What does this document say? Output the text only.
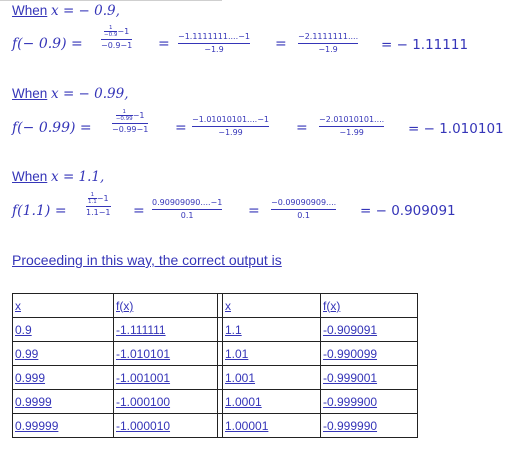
When x = − 0.9,
f(− 0.9) =
$\frac{1}{-0.9} -1$
−0.9−1 = −1.1111111....−1
−1.9	= −2.1111111....
−1.9	= − 1.11111
When x = − 0.99,
f(− 0.99) =
$\frac{1}{-0.99} -1$
−0.99−1 =
−1.01010101....−1
−1.99	=
−2.01010101....
−1.99	= − 1.010101
When x = 1.1,
f(1.1) =
$\frac{1}{1.1} -1$
1.1−1 =
0.90909090....−1
0.1	=
−0.09090909....
0.1	= − 0.909091
Proceeding in this way, the correct output is
x	f(x)		x	f(x)
0.9	-1.111111		1.1	-0.909091
0.99	-1.010101		1.01	-0.990099
0.999	-1.001001		1.001	-0.999001
0.9999	-1.000100		1.0001	-0.999900
0.99999	-1.000010		1.00001	-0.999990
